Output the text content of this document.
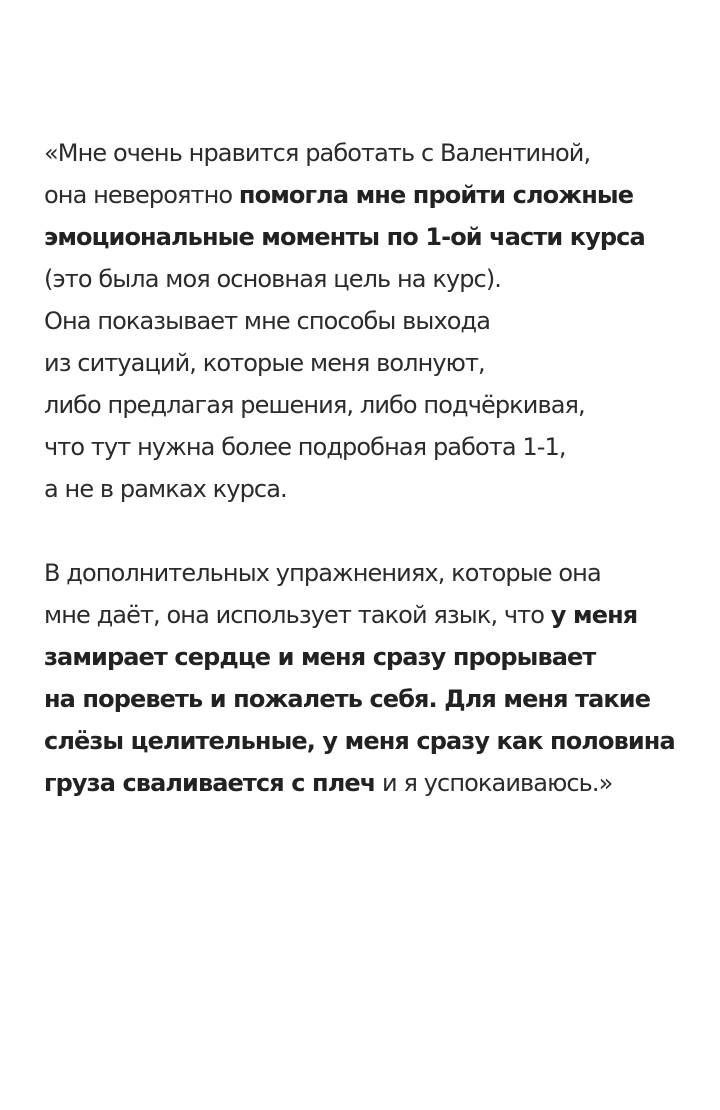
«Мне очень нравится работать с Валентиной,
она невероятно помогла мне пройти сложные
эмоциональные моменты по 1-ой части курса
(это была моя основная цель на курс).
Она показывает мне способы выхода
из ситуаций, которые меня волнуют,
либо предлагая решения, либо подчёркивая,
что тут нужна более подробная работа 1-1,
а не в рамках курса.

В дополнительных упражнениях, которые она
мне даёт, она использует такой язык, что у меня
замирает сердце и меня сразу прорывает
на пореветь и пожалеть себя. Для меня такие
слёзы целительные, у меня сразу как половина
груза сваливается с плеч и я успокаиваюсь.»
